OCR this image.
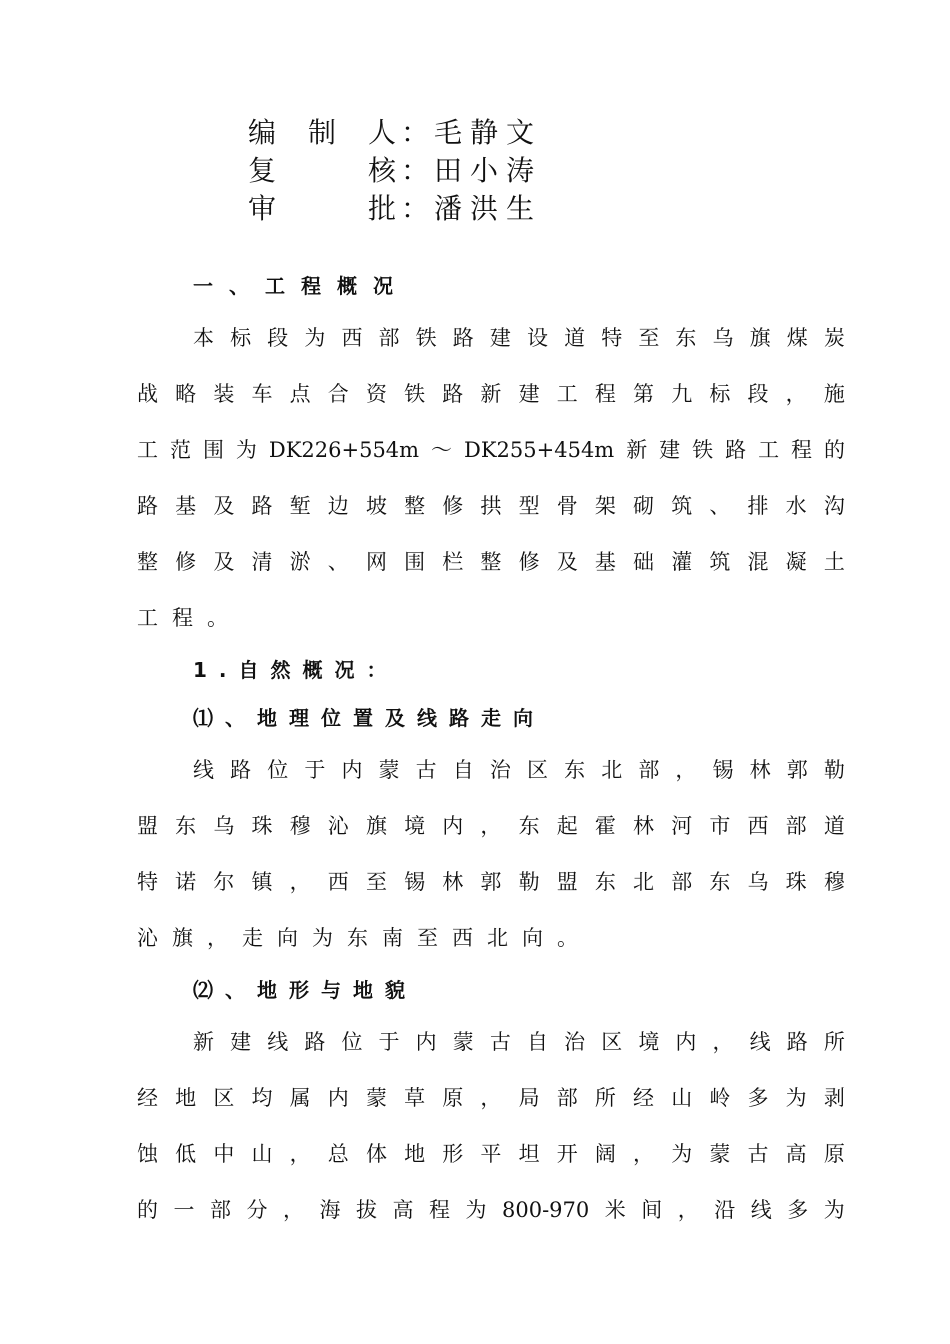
编 制 人 ： 毛静文
复	核 ： 田小涛
审	批 ： 潘洪生
一、工程概况
本 标 段 为 西 部 铁 路 建 设 道 特 至 东 乌 旗 煤 炭
战 略 装 车 点 合 资 铁 路 新 建 工 程 第 九 标 段 ， 施
工 范 围 为 DK226+554m ～ DK255+454m 新 建 铁 路 工 程 的
路 基 及 路 堑 边 坡 整 修 拱 型 骨 架 砌 筑 、 排 水 沟
整 修 及 清 淤 、 网 围 栏 整 修 及 基 础 灌 筑 混 凝 土
工 程 。
1.自然概况：
⑴、地理位置及线路走向
线 路 位 于 内 蒙 古 自 治 区 东 北 部 ， 锡 林 郭 勒
盟 东 乌 珠 穆 沁 旗 境 内 ， 东 起 霍 林 河 市 西 部 道
特 诺 尔 镇 ， 西 至 锡 林 郭 勒 盟 东 北 部 东 乌 珠 穆
沁 旗 ， 走 向 为 东 南 至 西 北 向 。
⑵、地形与地貌
新 建 线 路 位 于 内 蒙 古 自 治 区 境 内 ， 线 路 所
经 地 区 均 属 内 蒙 草 原 ， 局 部 所 经 山 岭 多 为 剥
蚀 低 中 山 ， 总 体 地 形 平 坦 开 阔 ， 为 蒙 古 高 原
的 一 部 分 ， 海 拔 高 程 为 800-970 米 间 ， 沿 线 多 为
